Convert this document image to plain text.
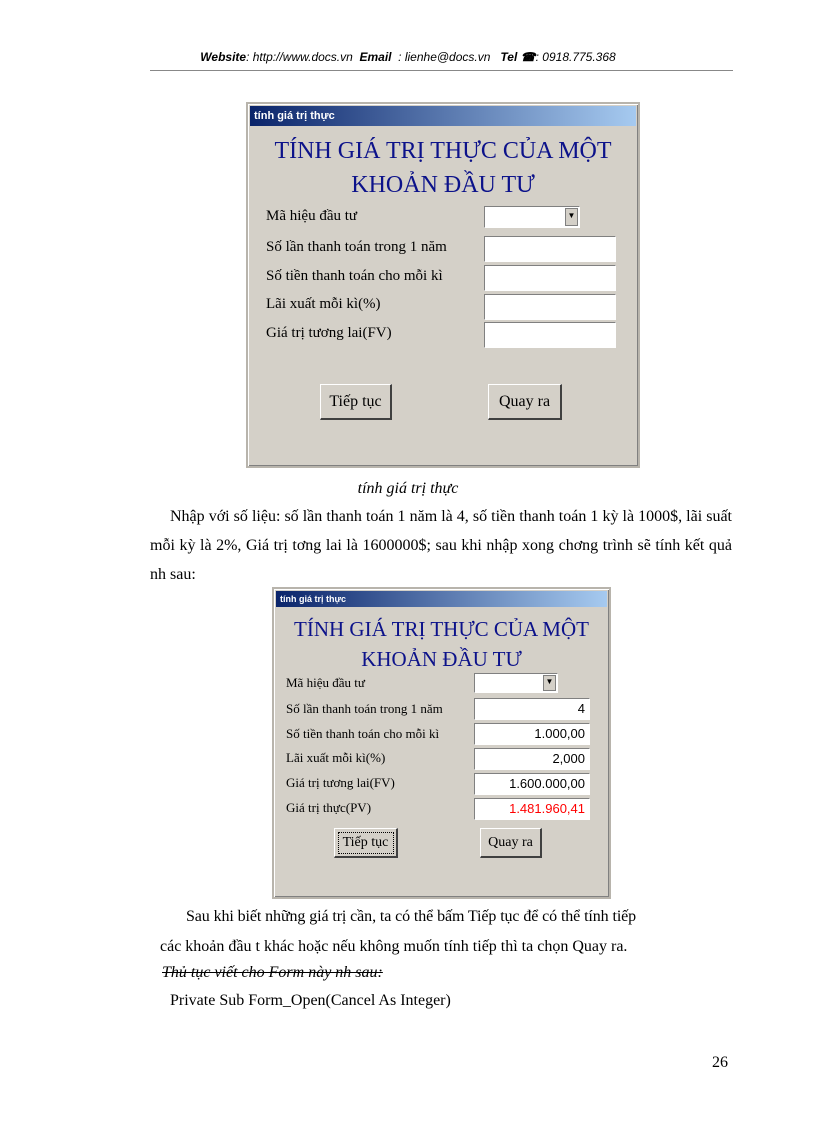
Website: http://www.docs.vn Email : lienhe@docs.vn Tel ☎: 0918.775.368
tính giá trị thực
TÍNH GIÁ TRỊ THỰC CỦA MỘT
KHOẢN ĐẦU TƯ
Mã hiệu đầu tư	▼
Số lần thanh toán trong 1 năm
Số tiền thanh toán cho mỗi kì
Lãi xuất mỗi kì(%)
Giá trị tương lai(FV)
Tiếp tục	Quay ra
tính giá trị thực
Nhập với số liệu: số lần thanh toán 1 năm là 4, số tiền thanh toán 1 kỳ là 1000$, lãi suất mỗi kỳ là 2%, Giá trị tơng lai là 1600000$; sau khi nhập xong chơng trình sẽ tính kết quả nh sau:
tính giá trị thực
TÍNH GIÁ TRỊ THỰC CỦA MỘT
KHOẢN ĐẦU TƯ
Mã hiệu đầu tư	▼
Số lần thanh toán trong 1 năm	4
Số tiền thanh toán cho mỗi kì	1.000,00
Lãi xuất mỗi kì(%)	2,000
Giá trị tương lai(FV)	1.600.000,00
Giá trị thực(PV)	1.481.960,41
Tiếp tục	Quay ra
Sau khi biết những giá trị cần, ta có thể bấm Tiếp tục để có thể tính tiếp
các khoản đầu t khác hoặc nếu không muốn tính tiếp thì ta chọn Quay ra.
Thủ tục viết cho Form này nh sau:
Private Sub Form_Open(Cancel As Integer)
26
